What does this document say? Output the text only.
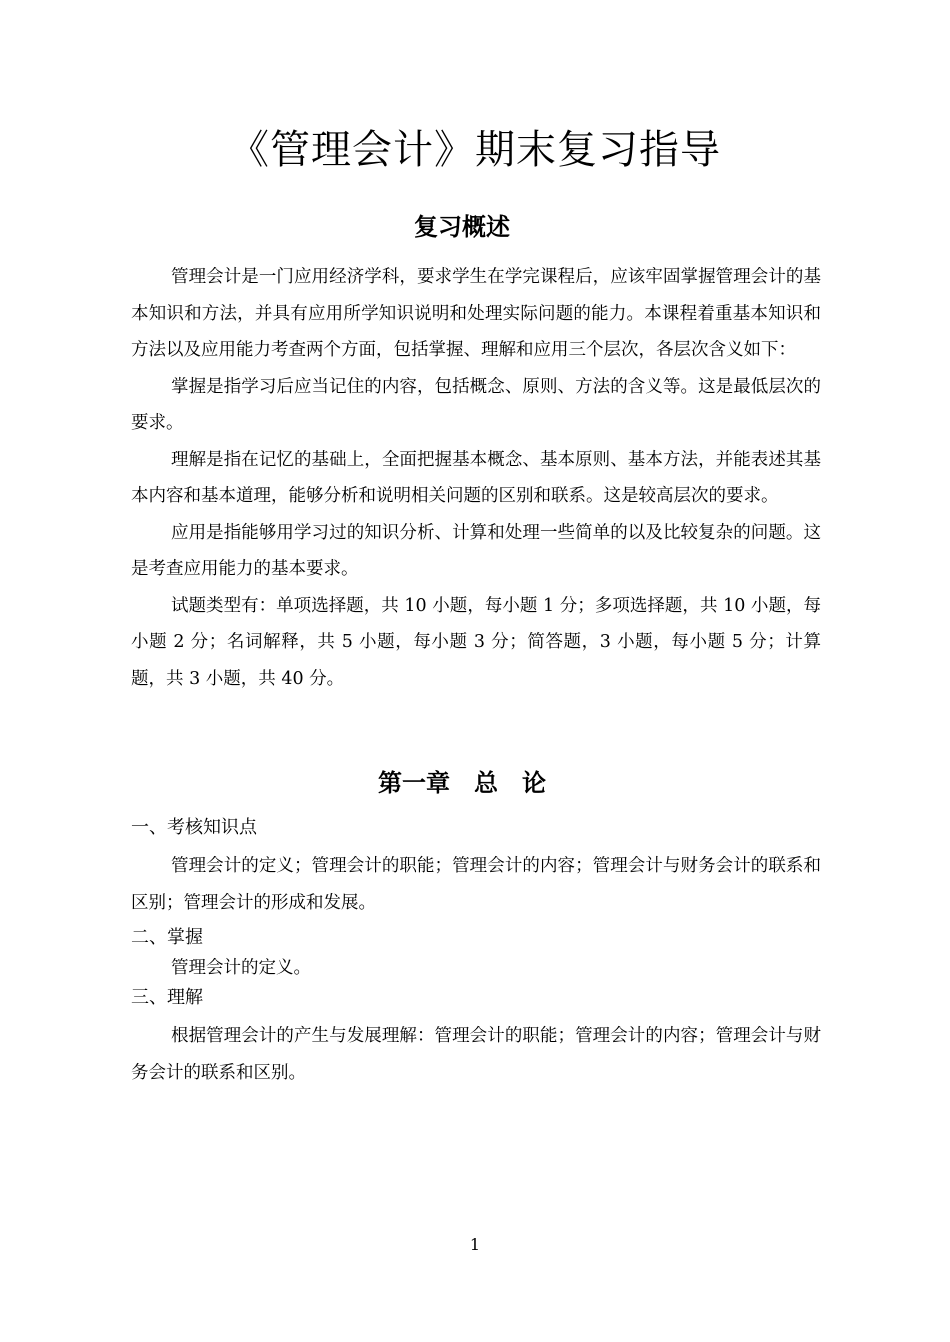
《管理会计》期末复习指导
复习概述

管理会计是一门应用经济学科，要求学生在学完课程后，应该牢固掌握管理会计的基本知识和方法，并具有应用所学知识说明和处理实际问题的能力。本课程着重基本知识和方法以及应用能力考查两个方面，包括掌握、理解和应用三个层次，各层次含义如下：

掌握是指学习后应当记住的内容，包括概念、原则、方法的含义等。这是最低层次的要求。

理解是指在记忆的基础上，全面把握基本概念、基本原则、基本方法，并能表述其基本内容和基本道理，能够分析和说明相关问题的区别和联系。这是较高层次的要求。

应用是指能够用学习过的知识分析、计算和处理一些简单的以及比较复杂的问题。这是考查应用能力的基本要求。

试题类型有：单项选择题，共 10 小题，每小题 1 分；多项选择题，共 10 小题，每小题 2 分；名词解释，共 5 小题，每小题 3 分；简答题，3 小题，每小题 5 分；计算题，共 3 小题，共 40 分。

第一章　总　论
一、考核知识点

管理会计的定义；管理会计的职能；管理会计的内容；管理会计与财务会计的联系和区别；管理会计的形成和发展。

二、掌握

管理会计的定义。

三、理解

根据管理会计的产生与发展理解：管理会计的职能；管理会计的内容；管理会计与财务会计的联系和区别。

1
